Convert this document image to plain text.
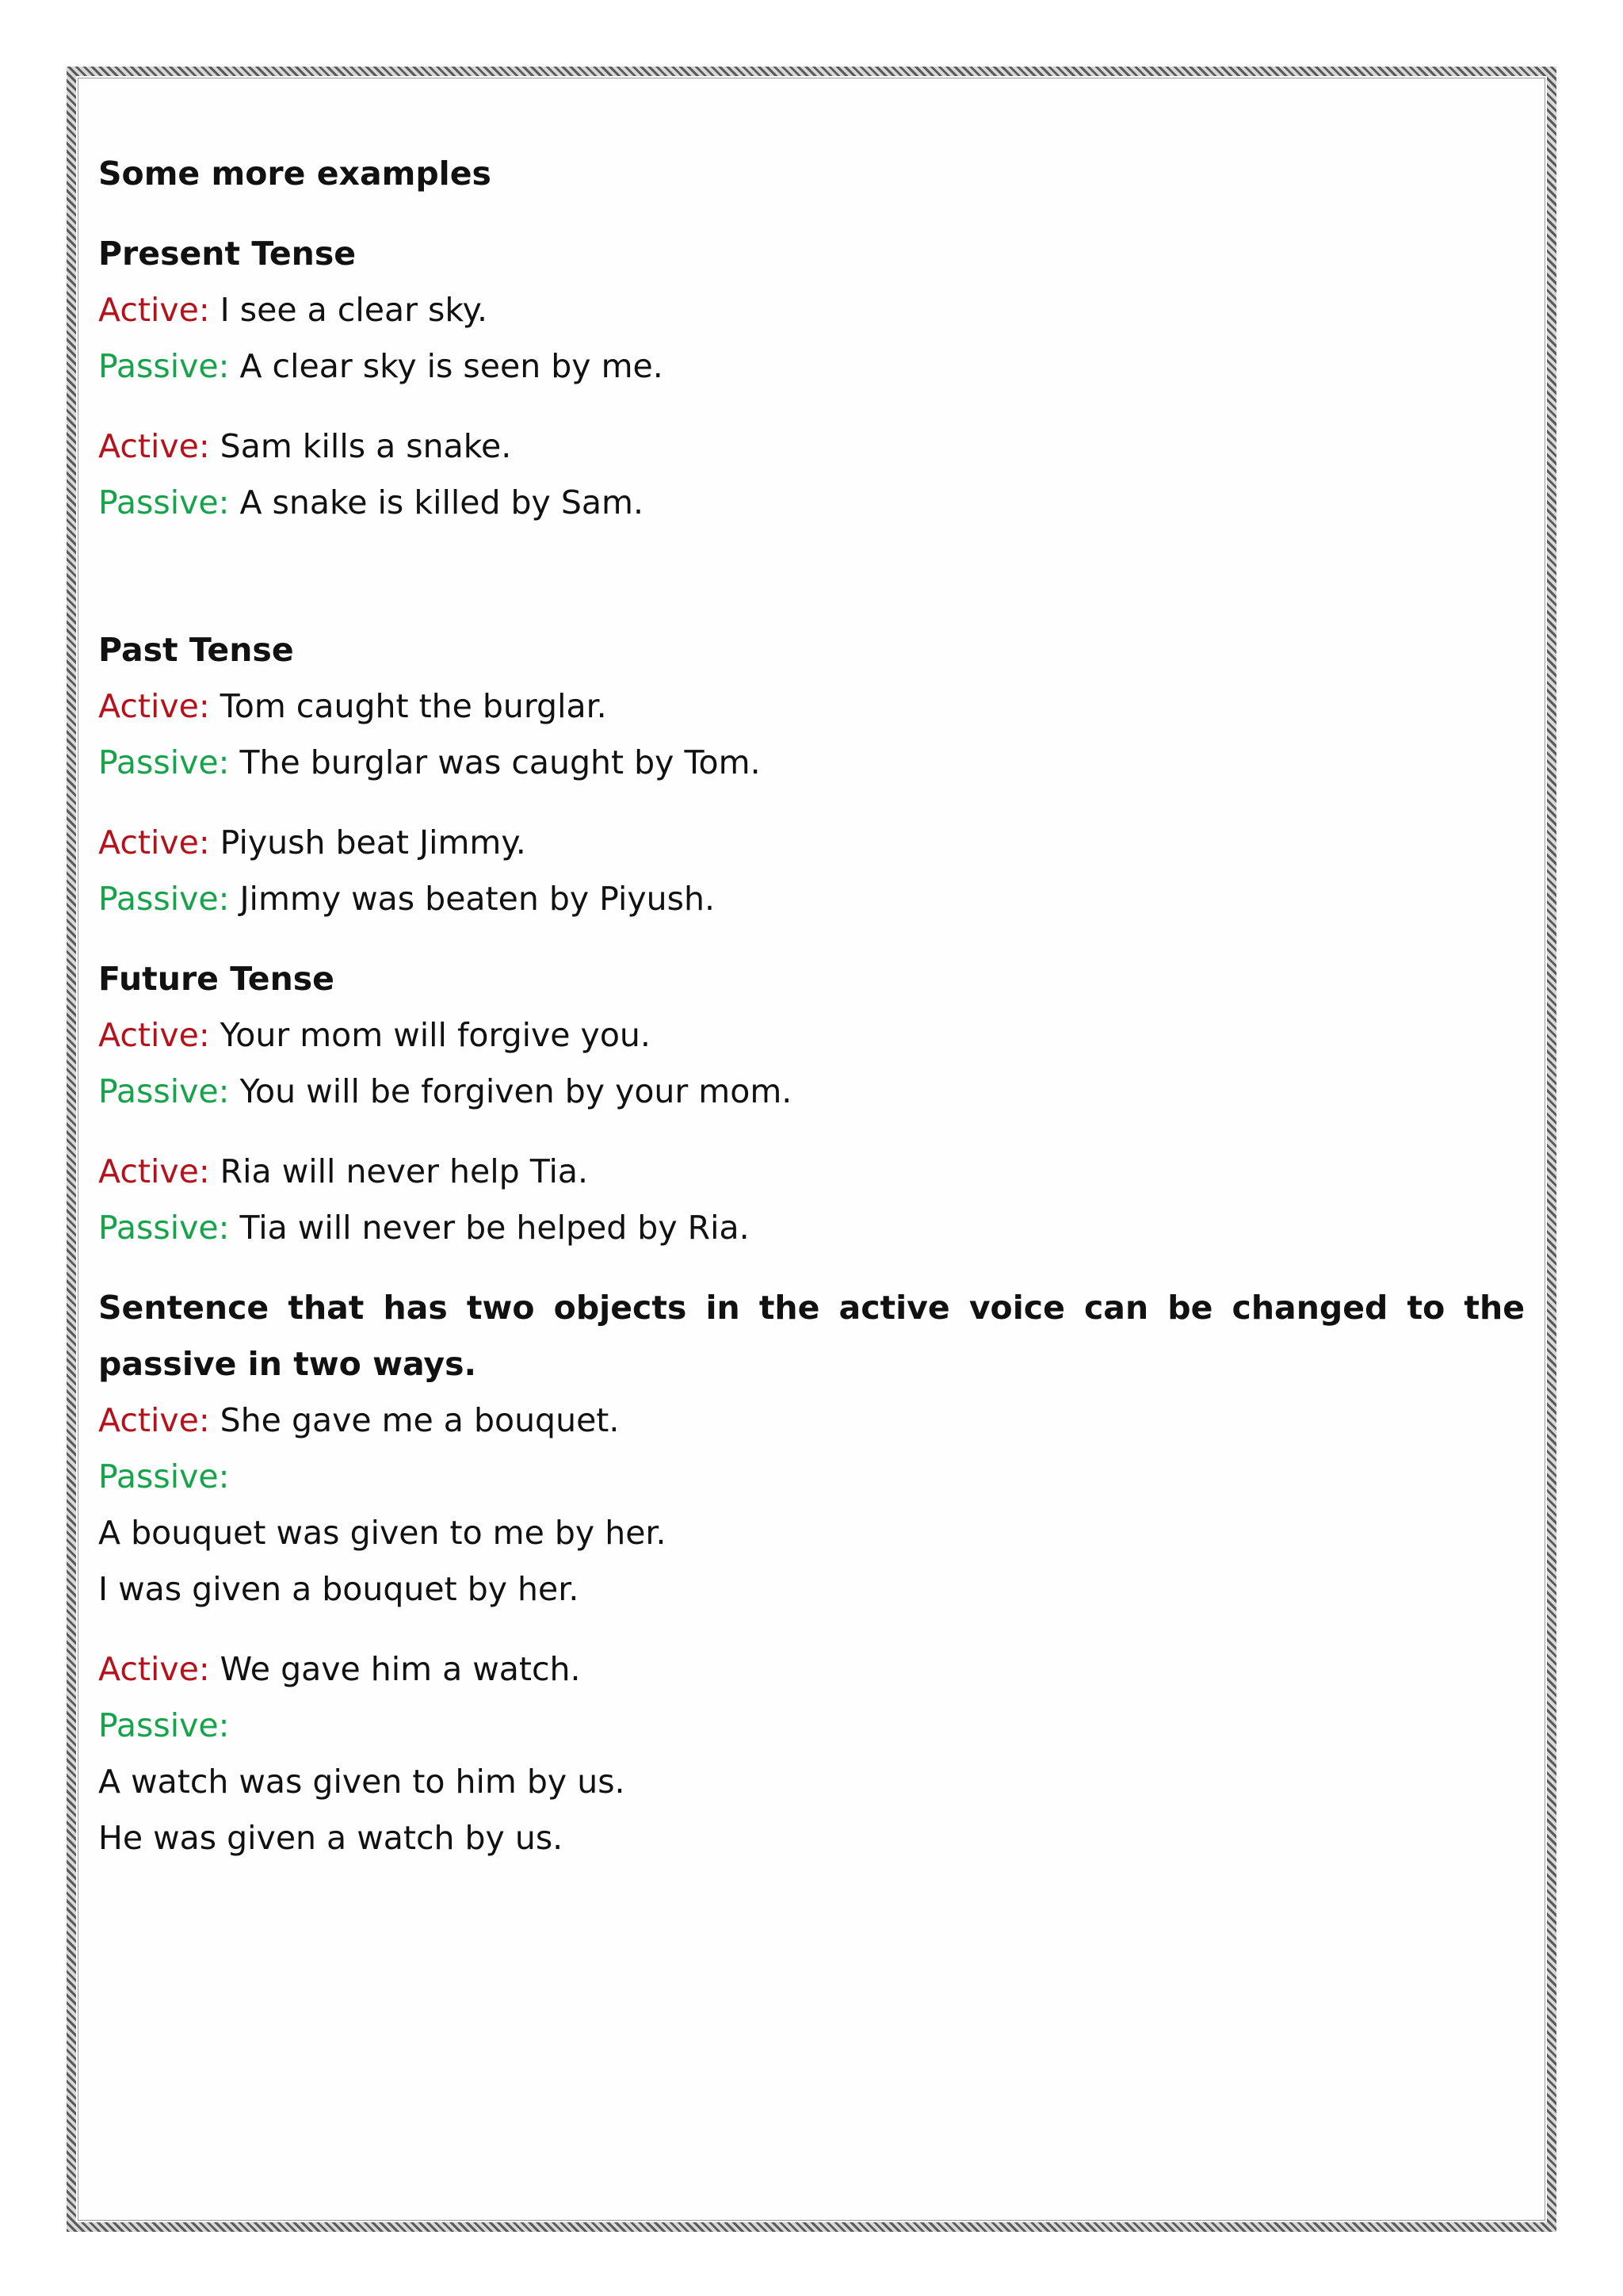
Some more examples
Present Tense
Active: I see a clear sky.
Passive: A clear sky is seen by me.
Active: Sam kills a snake.
Passive: A snake is killed by Sam.
Past Tense
Active: Tom caught the burglar.
Passive: The burglar was caught by Tom.
Active: Piyush beat Jimmy.
Passive: Jimmy was beaten by Piyush.
Future Tense
Active: Your mom will forgive you.
Passive: You will be forgiven by your mom.
Active: Ria will never help Tia.
Passive: Tia will never be helped by Ria.
Sentence that has two objects in the active voice can be changed to the passive in two ways.
Active: She gave me a bouquet.
Passive:
A bouquet was given to me by her.
I was given a bouquet by her.
Active: We gave him a watch.
Passive:
A watch was given to him by us.
He was given a watch by us.
